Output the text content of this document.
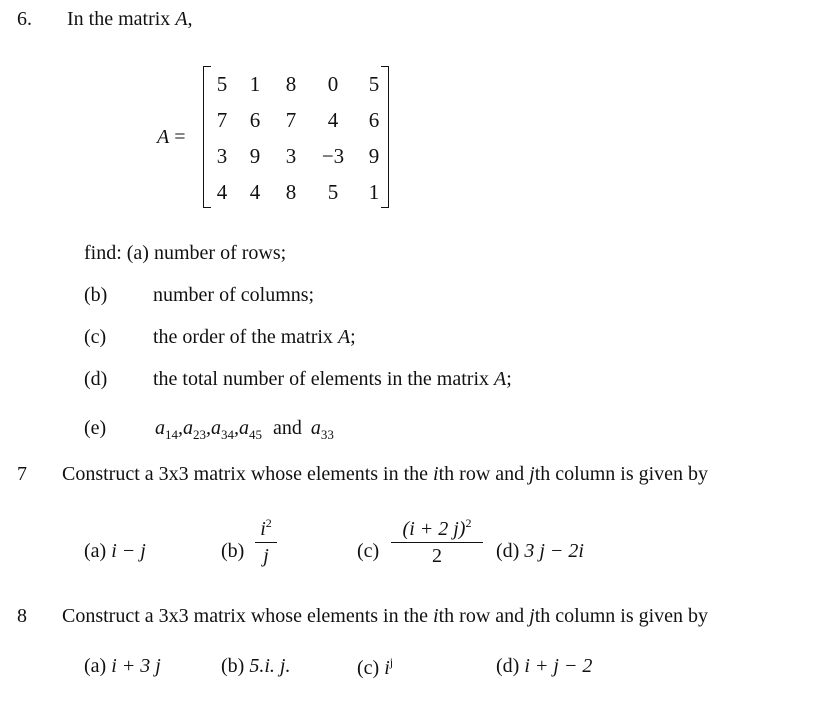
6. In the matrix A,
A =
5	1	8	0	5
7	6	7	4	6
3	9	3	−3	9
4	4	8	5	1
find: (a) number of rows;
(b) number of columns;
(c) the order of the matrix A;
(d) the total number of elements in the matrix A;
(e) $a_{14},a_{23},a_{34},a_{45}$ and $a_{33}$
7 Construct a 3x3 matrix whose elements in the ith row and jth column is given by
(a) i − j	(b)
$i^2$
j	(c)
(i + 2 j)$^2$
2	(d) 3 j − 2i
8 Construct a 3x3 matrix whose elements in the ith row and jth column is given by
(a) i + 3 j	(b) 5.i. j.	(c) $i^j$	(d) i + j − 2
